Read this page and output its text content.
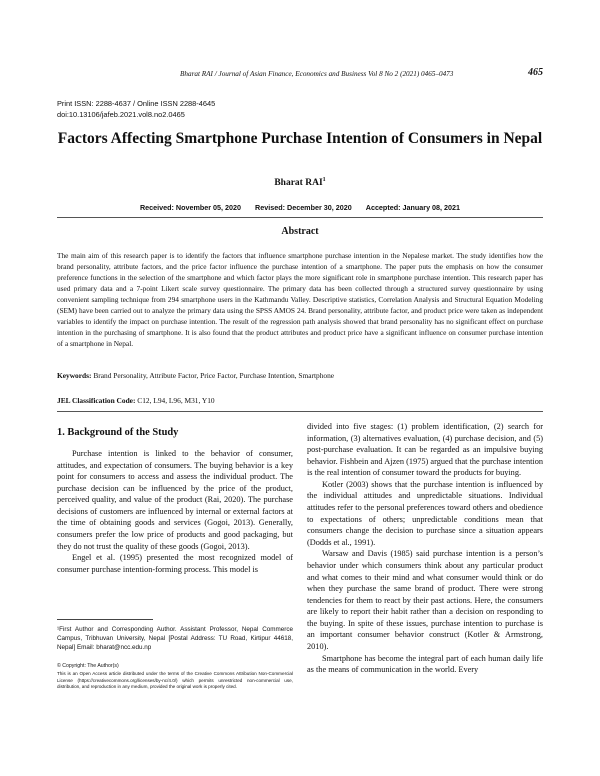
Bharat RAI / Journal of Asian Finance, Economics and Business Vol 8 No 2 (2021) 0465–0473	465
Print ISSN: 2288-4637 / Online ISSN 2288-4645
doi:10.13106/jafeb.2021.vol8.no2.0465
Factors Affecting Smartphone Purchase Intention of Consumers in Nepal
Bharat RAI$^1$
Received: November 05, 2020 Revised: December 30, 2020 Accepted: January 08, 2021
Abstract
The main aim of this research paper is to identify the factors that influence smartphone purchase intention in the Nepalese market. The study identifies how the brand personality, attribute factors, and the price factor influence the purchase intention of a smartphone. The paper puts the emphasis on how the consumer preference functions in the selection of the smartphone and which factor plays the more significant role in smartphone purchase intention. This research paper has used primary data and a 7-point Likert scale survey questionnaire. The primary data has been collected through a structured survey questionnaire by using convenient sampling technique from 294 smartphone users in the Kathmandu Valley. Descriptive statistics, Correlation Analysis and Structural Equation Modeling (SEM) have been carried out to analyze the primary data using the SPSS AMOS 24. Brand personality, attribute factor, and product price were taken as independent variables to identify the impact on purchase intention. The result of the regression path analysis showed that brand personality has no significant effect on purchase intention in the purchasing of smartphone. It is also found that the product attributes and product price have a significant influence on consumer purchase intention of a smartphone in Nepal.
Keywords: Brand Personality, Attribute Factor, Price Factor, Purchase Intention, Smartphone
JEL Classification Code: C12, L94, L96, M31, Y10
1. Background of the Study

Purchase intention is linked to the behavior of consumer, attitudes, and expectation of consumers. The buying behavior is a key point for consumers to access and assess the individual product. The purchase decision can be influenced by the price of the product, perceived quality, and value of the product (Rai, 2020). The purchase decisions of customers are influenced by internal or external factors at the time of obtaining goods and services (Gogoi, 2013). Generally, consumers prefer the low price of products and good packaging, but they do not trust the quality of these goods (Gogoi, 2013).

Engel et al. (1995) presented the most recognized model of consumer purchase intention-forming process. This model is

divided into five stages: (1) problem identification, (2) search for information, (3) alternatives evaluation, (4) purchase decision, and (5) post-purchase evaluation. It can be regarded as an impulsive buying behavior. Fishbein and Ajzen (1975) argued that the purchase intention is the real intention of consumer toward the products for buying.

Kotler (2003) shows that the purchase intention is influenced by the individual attitudes and unpredictable situations. Individual attitudes refer to the personal preferences toward others and obedience to expectations of others; unpredictable conditions mean that consumers change the decision to purchase since a situation appears (Dodds et al., 1991).

Warsaw and Davis (1985) said purchase intention is a person’s behavior under which consumers think about any particular product and what comes to their mind and what consumer would think or do when they purchase the same brand of product. There were strong tendencies for them to react by their past actions. Here, the consumers are likely to report their habit rather than a decision on responding to the buying. In spite of these issues, purchase intention to purchase is an important consumer behavior construct (Kotler & Armstrong, 2010).

Smartphone has become the integral part of each human daily life as the means of communication in the world. Every

¹First Author and Corresponding Author. Assistant Professor, Nepal Commerce Campus, Tribhuvan University, Nepal [Postal Address: TU Road, Kirtipur 44618, Nepal] Email: bharat@ncc.edu.np
© Copyright: The Author(s)
This is an Open Access article distributed under the terms of the Creative Commons Attribution Non-Commercial License (https://creativecommons.org/licenses/by-nc/4.0/) which permits unrestricted non-commercial use, distribution, and reproduction in any medium, provided the original work is properly cited.
